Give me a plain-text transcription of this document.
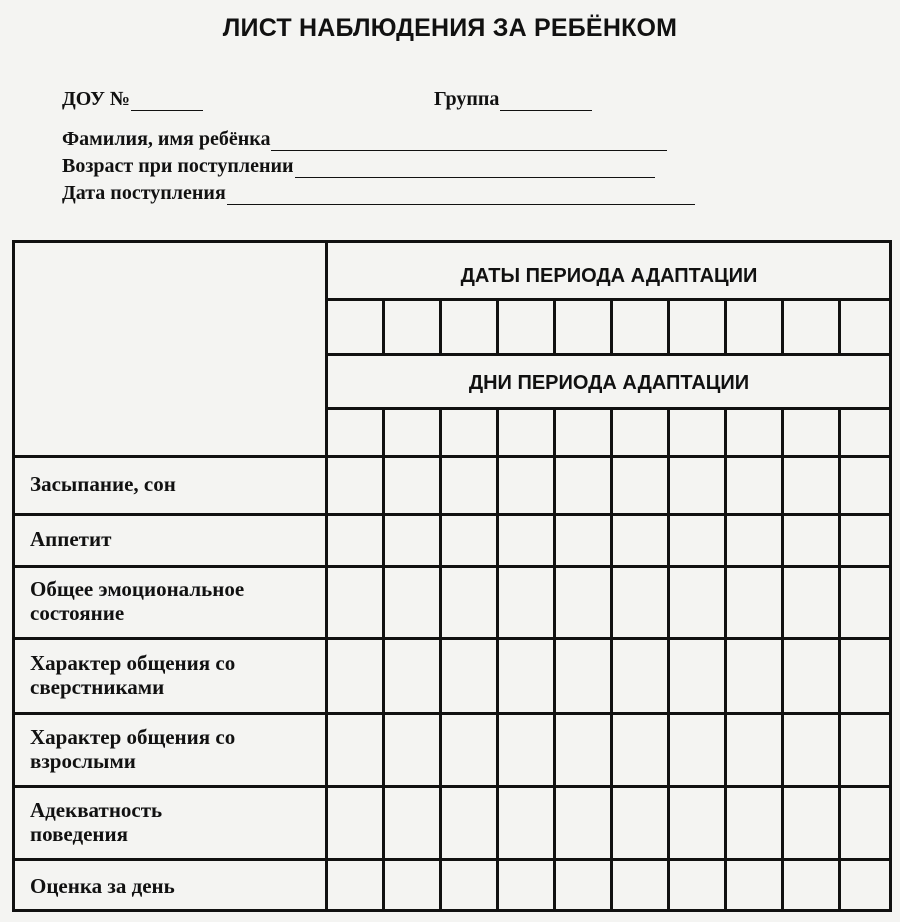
ЛИСТ НАБЛЮДЕНИЯ ЗА РЕБЁНКОМ
ДОУ №	Группа
Фамилия, имя ребёнка
Возраст при поступлении
Дата поступления
ДАТЫ ПЕРИОДА АДАПТАЦИИ
ДНИ ПЕРИОДА АДАПТАЦИИ
Засыпание, сон
Аппетит
Общее эмоциональное состояние
Характер общения со сверстниками
Характер общения со взрослыми
Адекватность поведения
Оценка за день
